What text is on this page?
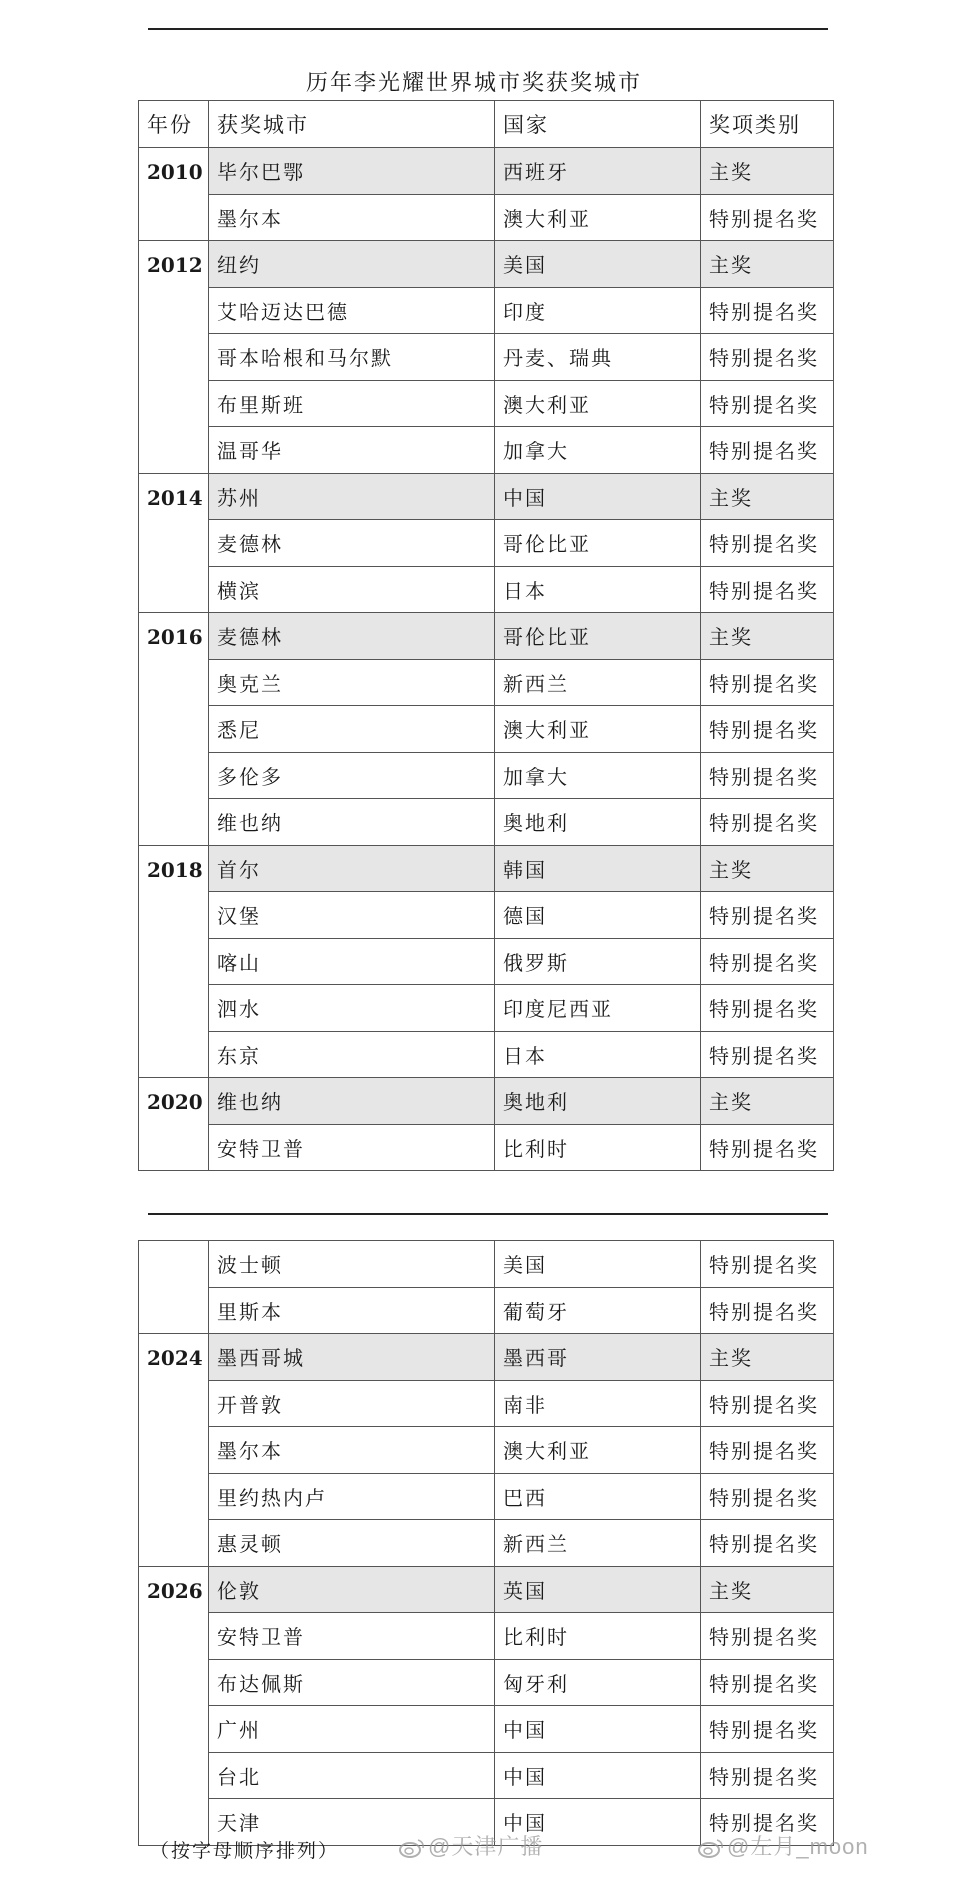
历年李光耀世界城市奖获奖城市
年份	获奖城市	国家	奖项类别
2010	毕尔巴鄂	西班牙	主奖
	墨尔本	澳大利亚	特别提名奖
2012	纽约	美国	主奖
	艾哈迈达巴德	印度	特别提名奖
	哥本哈根和马尔默	丹麦、瑞典	特别提名奖
	布里斯班	澳大利亚	特别提名奖
	温哥华	加拿大	特别提名奖
2014	苏州	中国	主奖
	麦德林	哥伦比亚	特别提名奖
	横滨	日本	特别提名奖
2016	麦德林	哥伦比亚	主奖
	奥克兰	新西兰	特别提名奖
	悉尼	澳大利亚	特别提名奖
	多伦多	加拿大	特别提名奖
	维也纳	奥地利	特别提名奖
2018	首尔	韩国	主奖
	汉堡	德国	特别提名奖
	喀山	俄罗斯	特别提名奖
	泗水	印度尼西亚	特别提名奖
	东京	日本	特别提名奖
2020	维也纳	奥地利	主奖
	安特卫普	比利时	特别提名奖
	波士顿	美国	特别提名奖
	里斯本	葡萄牙	特别提名奖
2024	墨西哥城	墨西哥	主奖
	开普敦	南非	特别提名奖
	墨尔本	澳大利亚	特别提名奖
	里约热内卢	巴西	特别提名奖
	惠灵顿	新西兰	特别提名奖
2026	伦敦	英国	主奖
	安特卫普	比利时	特别提名奖
	布达佩斯	匈牙利	特别提名奖
	广州	中国	特别提名奖
	台北	中国	特别提名奖
	天津	中国	特别提名奖
（按字母顺序排列）	@天津广播	@左月_moon
